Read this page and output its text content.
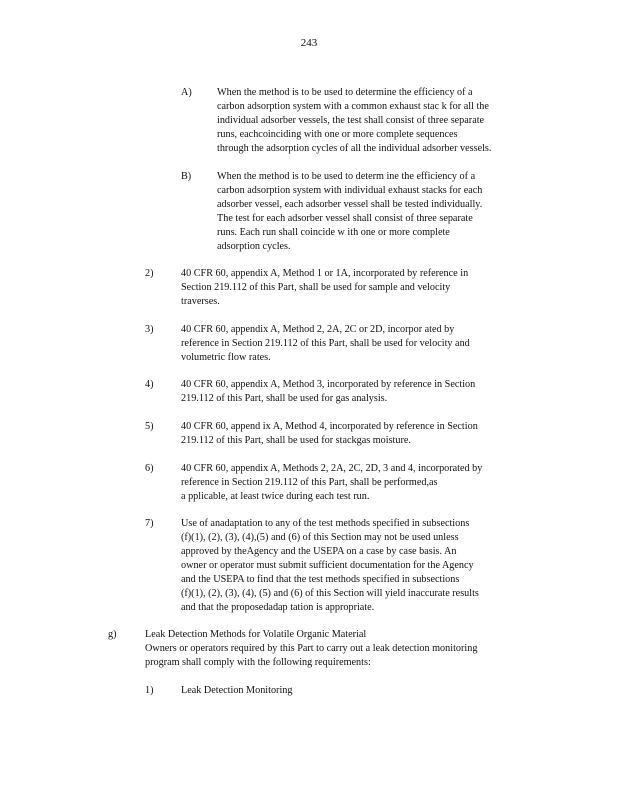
243
A) When the method is to be used to determine the efficiency of a
carbon adsorption system with a common exhaust stac k for all the
individual adsorber vessels, the test shall consist of three separate
runs, eachcoinciding with one or more complete sequences
through the adsorption cycles of all the individual adsorber vessels.
B)	When the method is to be used to determ ine the efficiency of a
carbon adsorption system with individual exhaust stacks for each
adsorber vessel, each adsorber vessel shall be tested individually.
The test for each adsorber vessel shall consist of three separate
runs. Each run shall coincide w ith one or more complete
adsorption cycles.
2)	40 CFR 60, appendix A, Method 1 or 1A, incorporated by reference in
Section 219.112 of this Part, shall be used for sample and velocity
traverses.
3)	40 CFR 60, appendix A, Method 2, 2A, 2C or 2D, incorpor ated by
reference in Section 219.112 of this Part, shall be used for velocity and
volumetric flow rates.
4)	40 CFR 60, appendix A, Method 3, incorporated by reference in Section
219.112 of this Part, shall be used for gas analysis.
5)	40 CFR 60, append ix A, Method 4, incorporated by reference in Section
219.112 of this Part, shall be used for stackgas moisture.
6)	40 CFR 60, appendix A, Methods 2, 2A, 2C, 2D, 3 and 4, incorporated by
reference in Section 219.112 of this Part, shall be performed,as
a pplicable, at least twice during each test run.
7)	Use of anadaptation to any of the test methods specified in subsections
(f)(1), (2), (3), (4),(5) and (6) of this Section may not be used unless
approved by theAgency and the USEPA on a case by case basis. An
owner or operator must submit sufficient documentation for the Agency
and the USEPA to find that the test methods specified in subsections
(f)(1), (2), (3), (4), (5) and (6) of this Section will yield inaccurate results
and that the proposedadap tation is appropriate.
g)	Leak Detection Methods for Volatile Organic Material
Owners or operators required by this Part to carry out a leak detection monitoring
program shall comply with the following requirements:
1)	Leak Detection Monitoring
